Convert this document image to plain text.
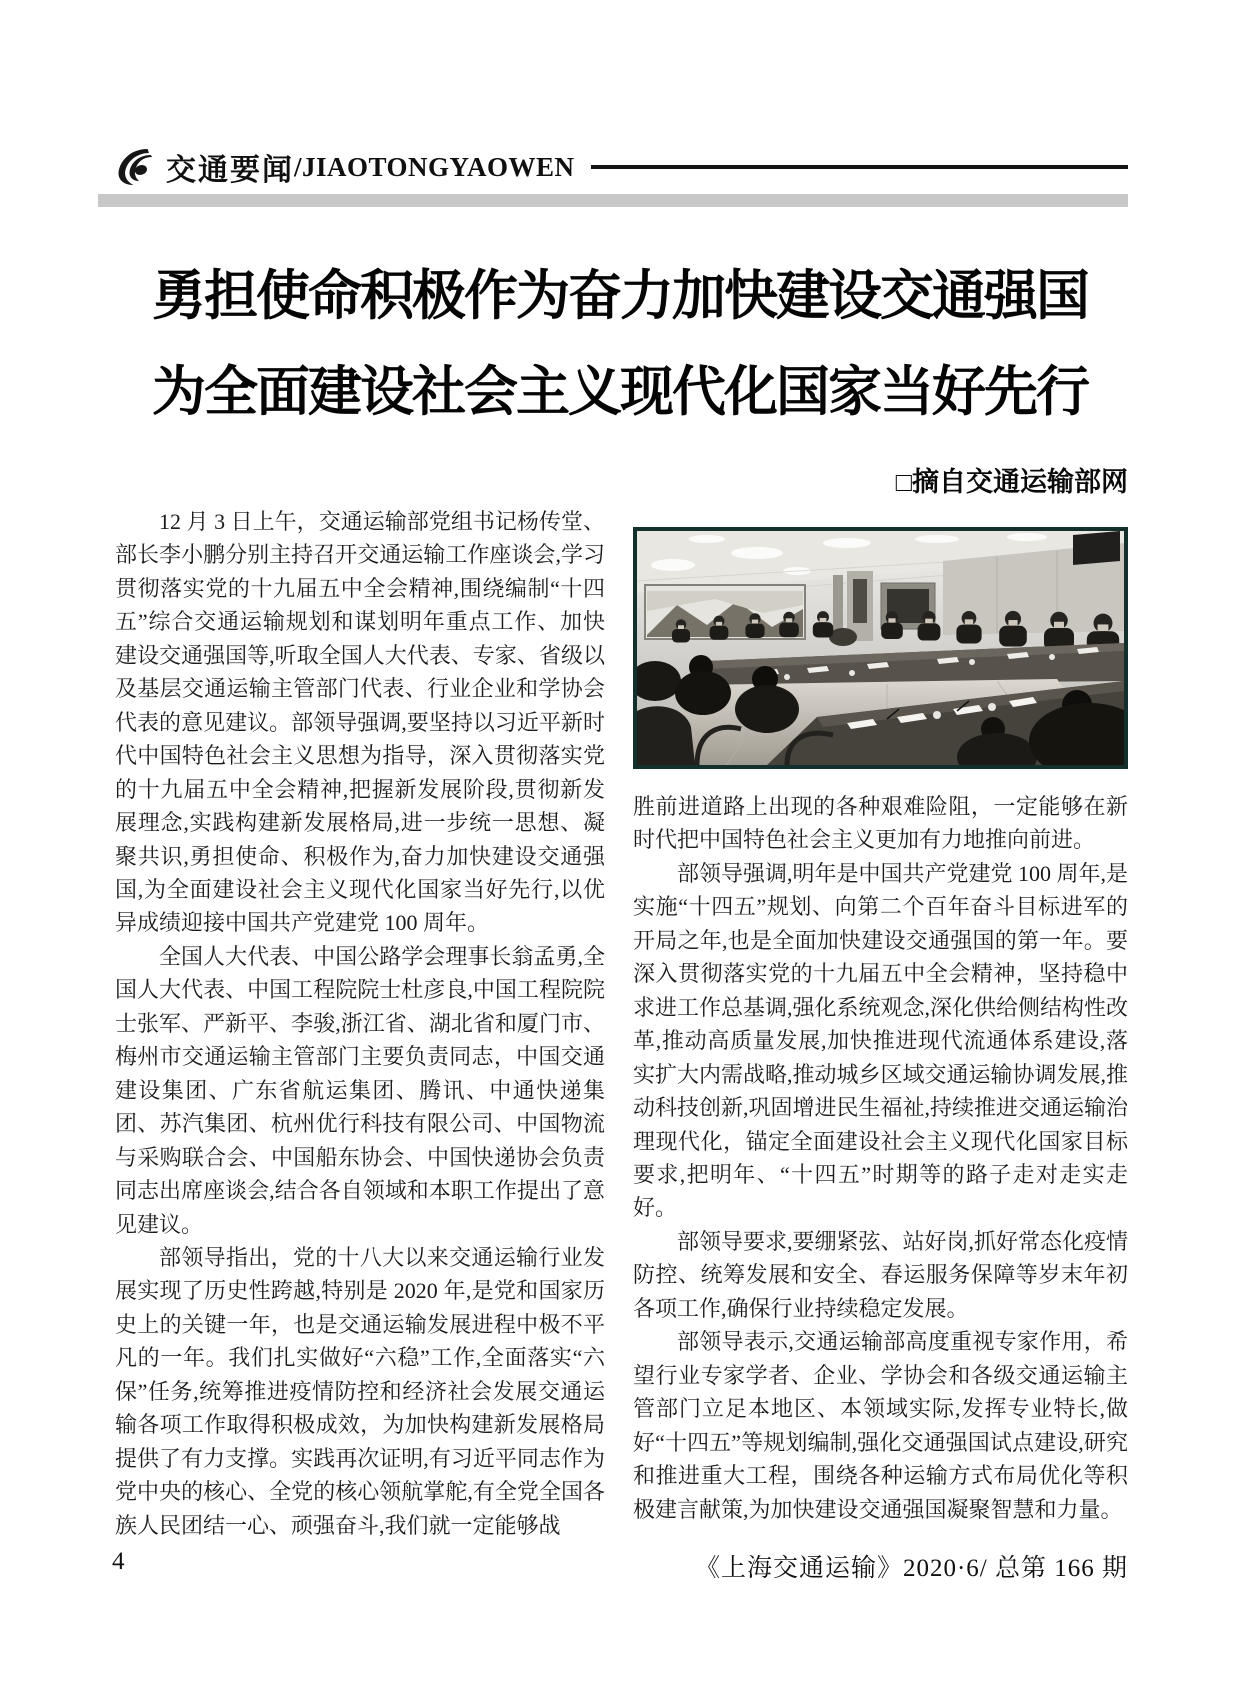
交通要闻 /JIAOTONGYAOWEN
勇担使命积极作为奋力加快建设交通强国
为全面建设社会主义现代化国家当好先行
□摘自交通运输部网

12 月 3 日上午，交通运输部党组书记杨传堂、部长李小鹏分别主持召开交通运输工作座谈会,学习贯彻落实党的十九届五中全会精神,围绕编制“十四五”综合交通运输规划和谋划明年重点工作、加快建设交通强国等,听取全国人大代表、专家、省级以及基层交通运输主管部门代表、行业企业和学协会代表的意见建议。部领导强调,要坚持以习近平新时代中国特色社会主义思想为指导，深入贯彻落实党的十九届五中全会精神,把握新发展阶段,贯彻新发展理念,实践构建新发展格局,进一步统一思想、凝聚共识,勇担使命、积极作为,奋力加快建设交通强国,为全面建设社会主义现代化国家当好先行,以优异成绩迎接中国共产党建党 100 周年。

全国人大代表、中国公路学会理事长翁孟勇,全国人大代表、中国工程院院士杜彦良,中国工程院院士张军、严新平、李骏,浙江省、湖北省和厦门市、梅州市交通运输主管部门主要负责同志，中国交通建设集团、广东省航运集团、腾讯、中通快递集团、苏汽集团、杭州优行科技有限公司、中国物流与采购联合会、中国船东协会、中国快递协会负责同志出席座谈会,结合各自领域和本职工作提出了意见建议。

部领导指出，党的十八大以来交通运输行业发展实现了历史性跨越,特别是 2020 年,是党和国家历史上的关键一年，也是交通运输发展进程中极不平凡的一年。我们扎实做好“六稳”工作,全面落实“六保”任务,统筹推进疫情防控和经济社会发展交通运输各项工作取得积极成效，为加快构建新发展格局提供了有力支撑。实践再次证明,有习近平同志作为党中央的核心、全党的核心领航掌舵,有全党全国各族人民团结一心、顽强奋斗,我们就一定能够战

胜前进道路上出现的各种艰难险阻，一定能够在新时代把中国特色社会主义更加有力地推向前进。

部领导强调,明年是中国共产党建党 100 周年,是实施“十四五”规划、向第二个百年奋斗目标进军的开局之年,也是全面加快建设交通强国的第一年。要深入贯彻落实党的十九届五中全会精神，坚持稳中求进工作总基调,强化系统观念,深化供给侧结构性改革,推动高质量发展,加快推进现代流通体系建设,落实扩大内需战略,推动城乡区域交通运输协调发展,推动科技创新,巩固增进民生福祉,持续推进交通运输治理现代化，锚定全面建设社会主义现代化国家目标要求,把明年、“十四五”时期等的路子走对走实走好。

部领导要求,要绷紧弦、站好岗,抓好常态化疫情防控、统筹发展和安全、春运服务保障等岁末年初各项工作,确保行业持续稳定发展。

部领导表示,交通运输部高度重视专家作用，希望行业专家学者、企业、学协会和各级交通运输主管部门立足本地区、本领域实际,发挥专业特长,做好“十四五”等规划编制,强化交通强国试点建设,研究和推进重大工程，围绕各种运输方式布局优化等积极建言献策,为加快建设交通强国凝聚智慧和力量。

4	《上海交通运输》2020·6/ 总第 166 期
